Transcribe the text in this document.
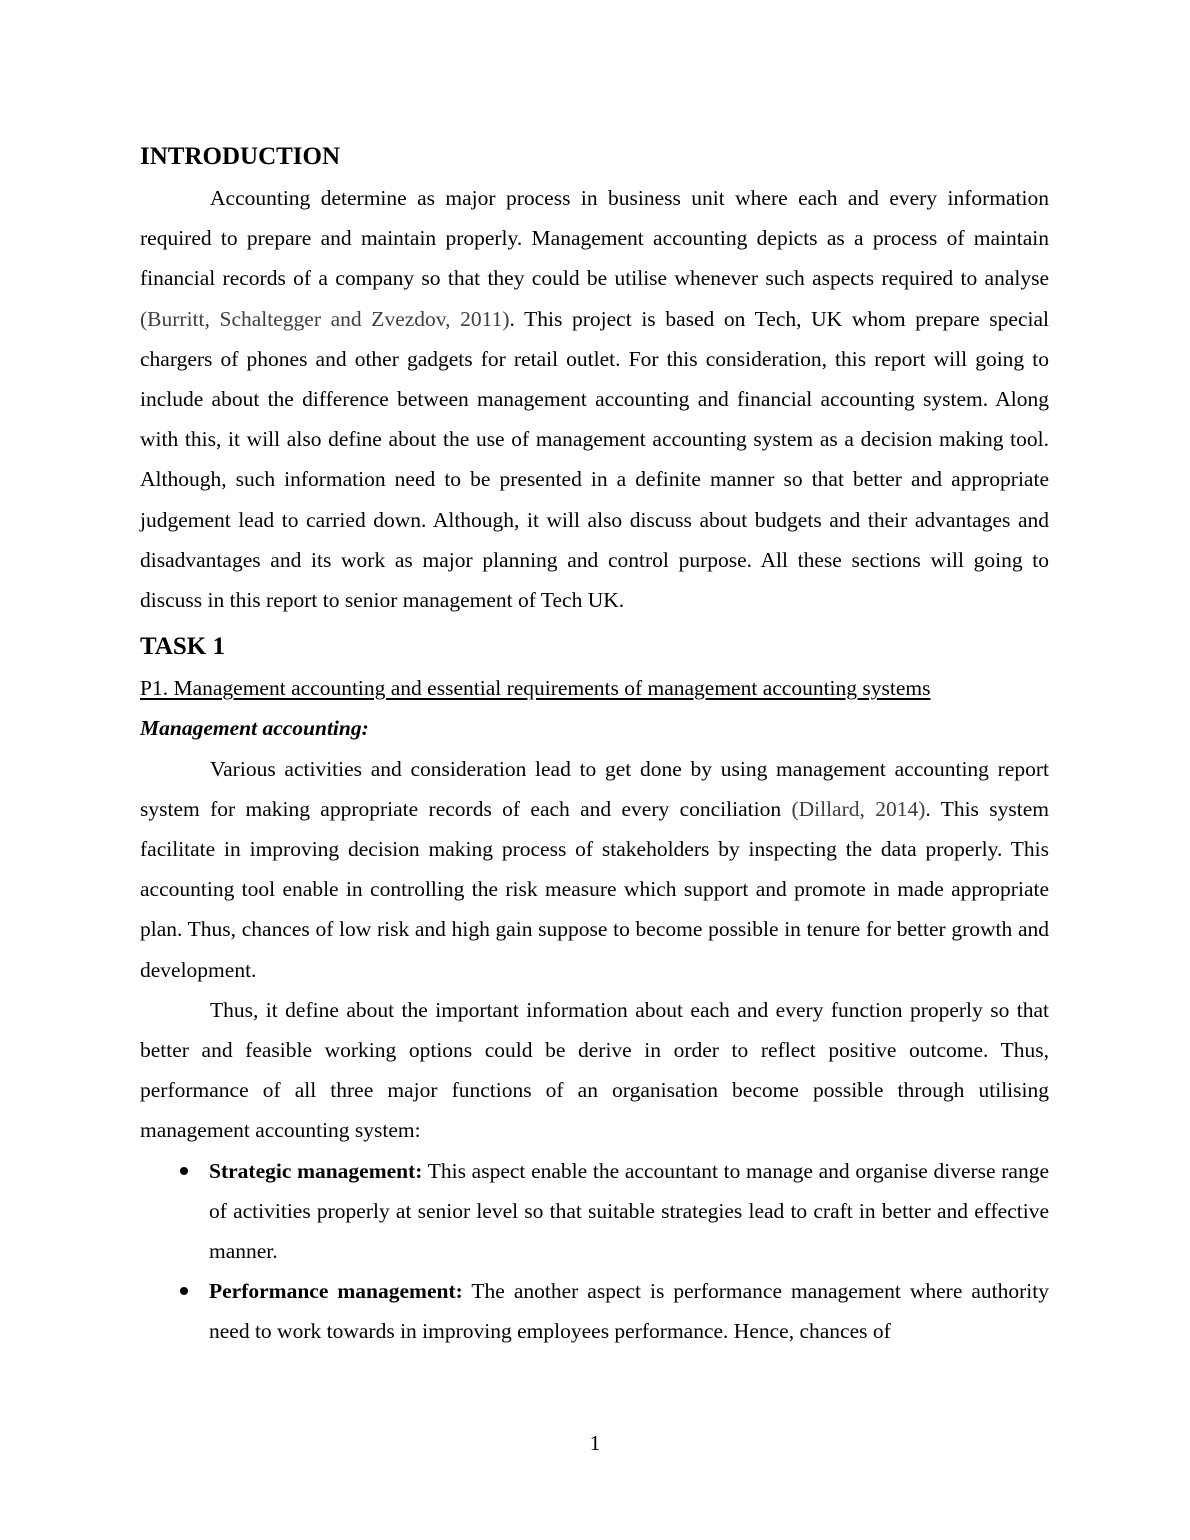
INTRODUCTION

Accounting determine as major process in business unit where each and every information required to prepare and maintain properly. Management accounting depicts as a process of maintain financial records of a company so that they could be utilise whenever such aspects required to analyse (Burritt, Schaltegger and Zvezdov, 2011). This project is based on Tech, UK whom prepare special chargers of phones and other gadgets for retail outlet. For this consideration, this report will going to include about the difference between management accounting and financial accounting system. Along with this, it will also define about the use of management accounting system as a decision making tool. Although, such information need to be presented in a definite manner so that better and appropriate judgement lead to carried down. Although, it will also discuss about budgets and their advantages and disadvantages and its work as major planning and control purpose. All these sections will going to discuss in this report to senior management of Tech UK.

TASK 1

P1. Management accounting and essential requirements of management accounting systems

Management accounting:

Various activities and consideration lead to get done by using management accounting report system for making appropriate records of each and every conciliation (Dillard, 2014). This system facilitate in improving decision making process of stakeholders by inspecting the data properly. This accounting tool enable in controlling the risk measure which support and promote in made appropriate plan. Thus, chances of low risk and high gain suppose to become possible in tenure for better growth and development.

Thus, it define about the important information about each and every function properly so that better and feasible working options could be derive in order to reflect positive outcome. Thus, performance of all three major functions of an organisation become possible through utilising management accounting system:

Strategic management: This aspect enable the accountant to manage and organise diverse range of activities properly at senior level so that suitable strategies lead to craft in better and effective manner.
Performance management: The another aspect is performance management where authority need to work towards in improving employees performance. Hence, chances of
1
